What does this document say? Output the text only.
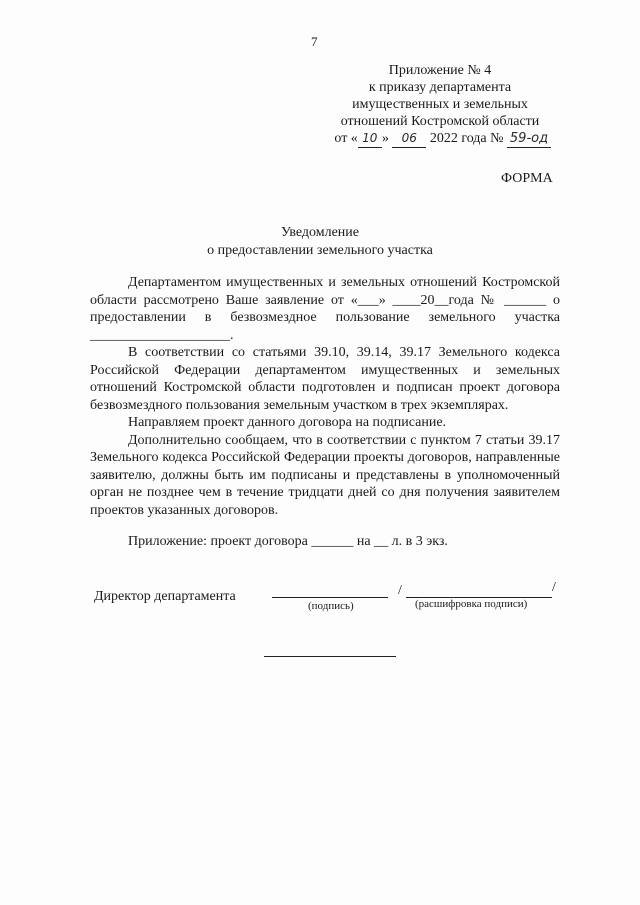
7
Приложение № 4
к приказу департамента
имущественных и земельных
отношений Костромской области
от « 10 » 06 2022 года № 59-од
ФОРМА
Уведомление
о предоставлении земельного участка

Департаментом имущественных и земельных отношений Костромской области рассмотрено Ваше заявление от «___» ____20__года № ______ о предоставлении в безвозмездное пользование земельного участка ____________________.

В соответствии со статьями 39.10, 39.14, 39.17 Земельного кодекса Российской Федерации департаментом имущественных и земельных отношений Костромской области подготовлен и подписан проект договора безвозмездного пользования земельным участком в трех экземплярах.

Направляем проект данного договора на подписание.

Дополнительно сообщаем, что в соответствии с пунктом 7 статьи 39.17 Земельного кодекса Российской Федерации проекты договоров, направленные заявителю, должны быть им подписаны и представлены в уполномоченный орган не позднее чем в течение тридцати дней со дня получения заявителем проектов указанных договоров.

Приложение: проект договора ______ на __ л. в 3 экз.
Директор департамента
(подпись)
/	/
(расшифровка подписи)
